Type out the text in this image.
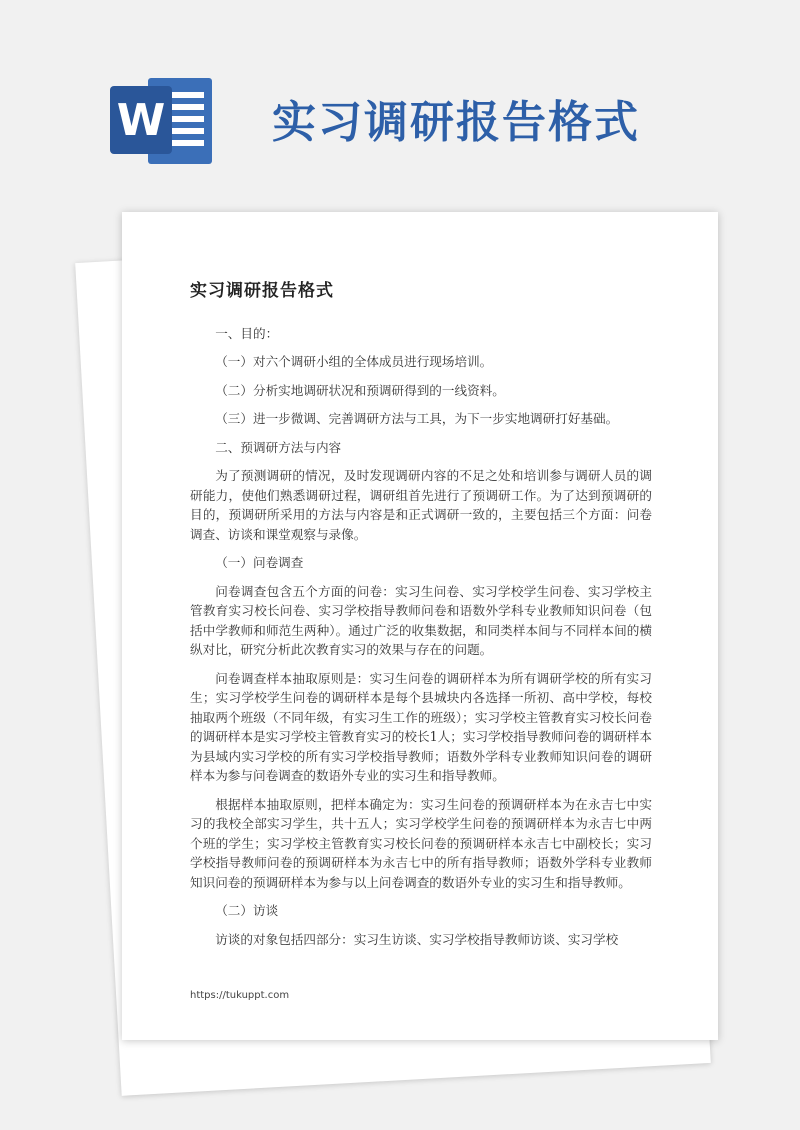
W 实习调研报告格式
实习调研报告格式

一、目的：

（一）对六个调研小组的全体成员进行现场培训。

（二）分析实地调研状况和预调研得到的一线资料。

（三）进一步微调、完善调研方法与工具，为下一步实地调研打好基础。

二、预调研方法与内容

为了预测调研的情况，及时发现调研内容的不足之处和培训参与调研人员的调研能力，使他们熟悉调研过程，调研组首先进行了预调研工作。为了达到预调研的目的，预调研所采用的方法与内容是和正式调研一致的，主要包括三个方面：问卷调查、访谈和课堂观察与录像。

（一）问卷调查

问卷调查包含五个方面的问卷：实习生问卷、实习学校学生问卷、实习学校主管教育实习校长问卷、实习学校指导教师问卷和语数外学科专业教师知识问卷（包括中学教师和师范生两种）。通过广泛的收集数据，和同类样本间与不同样本间的横纵对比，研究分析此次教育实习的效果与存在的问题。

问卷调查样本抽取原则是：实习生问卷的调研样本为所有调研学校的所有实习生；实习学校学生问卷的调研样本是每个县城块内各选择一所初、高中学校，每校抽取两个班级（不同年级，有实习生工作的班级）；实习学校主管教育实习校长问卷的调研样本是实习学校主管教育实习的校长1人；实习学校指导教师问卷的调研样本为县域内实习学校的所有实习学校指导教师；语数外学科专业教师知识问卷的调研样本为参与问卷调查的数语外专业的实习生和指导教师。

根据样本抽取原则，把样本确定为：实习生问卷的预调研样本为在永吉七中实习的我校全部实习学生，共十五人；实习学校学生问卷的预调研样本为永吉七中两个班的学生；实习学校主管教育实习校长问卷的预调研样本永吉七中副校长；实习学校指导教师问卷的预调研样本为永吉七中的所有指导教师；语数外学科专业教师知识问卷的预调研样本为参与以上问卷调查的数语外专业的实习生和指导教师。

（二）访谈

访谈的对象包括四部分：实习生访谈、实习学校指导教师访谈、实习学校

https://tukuppt.com
